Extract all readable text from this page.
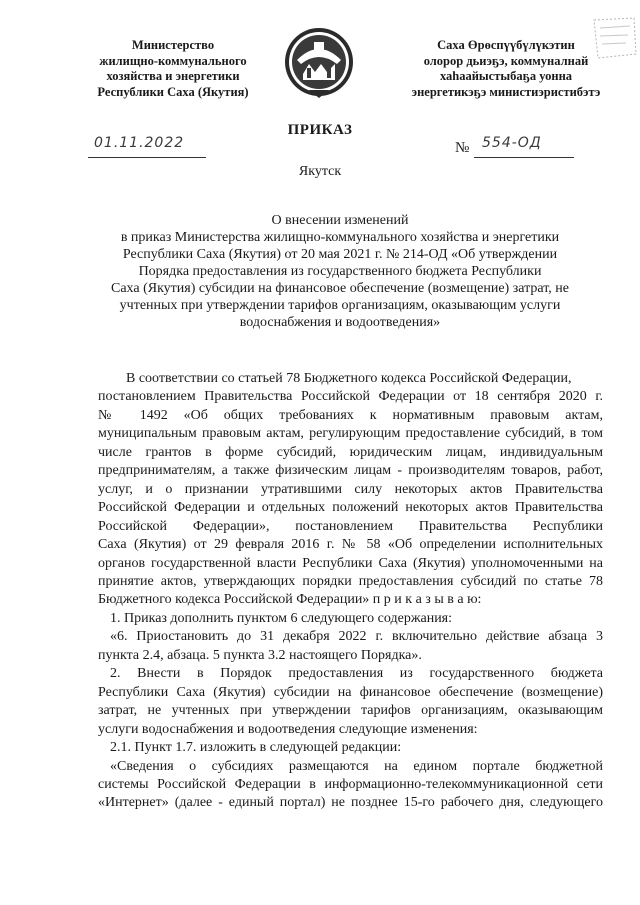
Министерство
жилищно-коммунального
хозяйства и энергетики
Республики Саха (Якутия)
Саха Өрөспүүбүлүкэтин
олорор дьиэҕэ, коммуналнай
хаһаайыстыбаҕа уонна
энергетикэҕэ министиэристибэтэ
ПРИКАЗ
01.11.2022	№ 554-ОД
Якутск
О внесении изменений
в приказ Министерства жилищно-коммунального хозяйства и энергетики
Республики Саха (Якутия) от 20 мая 2021 г. № 214-ОД «Об утверждении
Порядка предоставления из государственного бюджета Республики
Саха (Якутия) субсидии на финансовое обеспечение (возмещение) затрат, не
учтенных при утверждении тарифов организациям, оказывающим услуги
водоснабжения и водоотведения»
В соответствии со статьей 78 Бюджетного кодекса Российской Федерации,
постановлением Правительства Российской Федерации от 18 сентября 2020 г.
№ 1492 «Об общих требованиях к нормативным правовым актам,
муниципальным правовым актам, регулирующим предоставление субсидий, в том
числе грантов в форме субсидий, юридическим лицам, индивидуальным
предпринимателям, а также физическим лицам - производителям товаров, работ,
услуг, и о признании утратившими силу некоторых актов Правительства
Российской Федерации и отдельных положений некоторых актов Правительства
Российской Федерации», постановлением Правительства Республики
Саха (Якутия) от 29 февраля 2016 г. № 58 «Об определении исполнительных
органов государственной власти Республики Саха (Якутия) уполномоченными на
принятие актов, утверждающих порядки предоставления субсидий по статье 78
Бюджетного кодекса Российской Федерации» п р и к а з ы в а ю:
1. Приказ дополнить пунктом 6 следующего содержания:
«6. Приостановить до 31 декабря 2022 г. включительно действие абзаца 3
пункта 2.4, абзаца. 5 пункта 3.2 настоящего Порядка».
2. Внести в Порядок предоставления из государственного бюджета
Республики Саха (Якутия) субсидии на финансовое обеспечение (возмещение)
затрат, не учтенных при утверждении тарифов организациям, оказывающим
услуги водоснабжения и водоотведения следующие изменения:
2.1. Пункт 1.7. изложить в следующей редакции:
«Сведения о субсидиях размещаются на едином портале бюджетной
системы Российской Федерации в информационно-телекоммуникационной сети
«Интернет» (далее - единый портал) не позднее 15-го рабочего дня, следующего
